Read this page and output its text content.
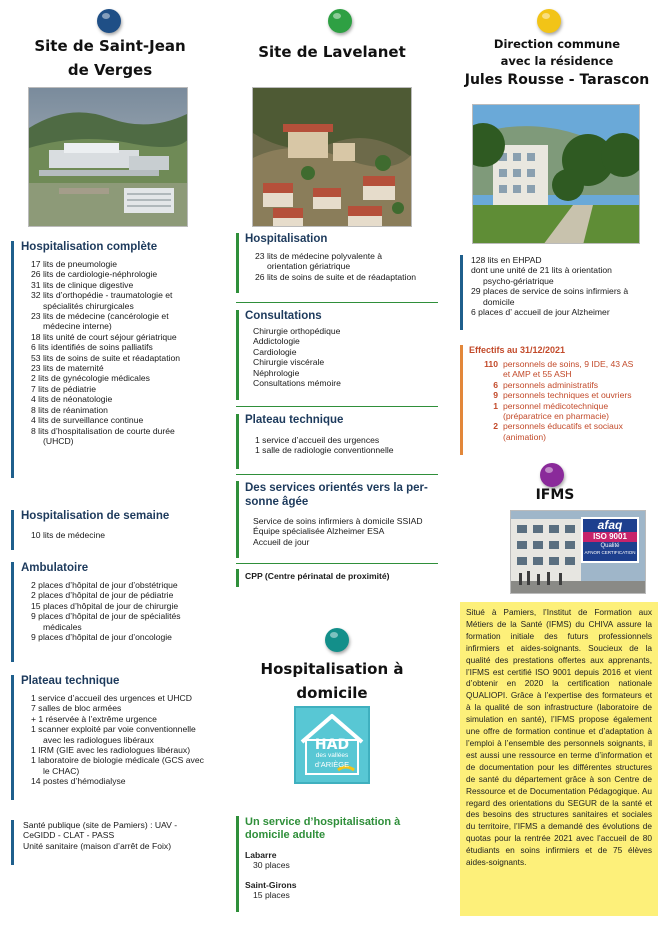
Site de Saint-Jean
de Verges
Hospitalisation complète
17 lits de pneumologie
26 lits de cardiologie-néphrologie
31 lits de clinique digestive
32 lits d’orthopédie - traumatologie et
spécialités chirurgicales
23 lits de médecine (cancérologie et
médecine interne)
18 lits unité de court séjour gériatrique
6 lits identifiés de soins palliatifs
53 lits de soins de suite et réadaptation
23 lits de maternité
2 lits de gynécologie médicales
7 lits de pédiatrie
4 lits de néonatologie
8 lits de réanimation
4 lits de surveillance continue
8 lits d’hospitalisation de courte durée
(UHCD)
Hospitalisation de semaine
10 lits de médecine
Ambulatoire
2 places d’hôpital de jour d’obstétrique
2 places d’hôpital de jour de pédiatrie
15 places d’hôpital de jour de chirurgie
9 places d’hôpital de jour de spécialités
médicales
9 places d’hôpital de jour d’oncologie
Plateau technique
1 service d’accueil des urgences et UHCD
7 salles de bloc armées
+ 1 réservée à l’extrême urgence
1 scanner exploité par voie conventionnelle
avec les radiologues libéraux
1 IRM (GIE avec les radiologues libéraux)
1 laboratoire de biologie médicale (GCS avec
le CHAC)
14 postes d’hémodialyse
Santé publique (site de Pamiers) : UAV -
CeGIDD - CLAT - PASS
Unité sanitaire (maison d’arrêt de Foix)
Site de Lavelanet
Hospitalisation
23 lits de médecine polyvalente à
orientation gériatrique
26 lits de soins de suite et de réadaptation
Consultations
Chirurgie orthopédique
Addictologie
Cardiologie
Chirurgie viscérale
Néphrologie
Consultations mémoire
Plateau technique
1 service d’accueil des urgences
1 salle de radiologie conventionnelle
Des services orientés vers la per-
sonne âgée
Service de soins infirmiers à domicile SSIAD
Équipe spécialisée Alzheimer ESA
Accueil de jour
CPP (Centre périnatal de proximité)
Hospitalisation à
domicile
HAD
des vallées
d’ARIÈGE
Un service d’hospitalisation à
domicile adulte
Labarre
30 places
Saint-Girons
15 places
Direction commune
avec la résidence
Jules Rousse - Tarascon
128 lits en EHPAD
dont une unité de 21 lits à orientation
psycho-gériatrique
29 places de service de soins infirmiers à
domicile
6 places d’ accueil de jour Alzheimer
Effectifs au 31/12/2021
110 personnels de soins, 9 IDE, 43 AS
et AMP et 55 ASH
6 personnels administratifs
9 personnels techniques et ouvriers
1 personnel médicotechnique
(préparatrice en pharmacie)
2 personnels éducatifs et sociaux
(animation)
IFMS
afaq
ISO 9001
Qualité
AFNOR CERTIFICATION
Situé à Pamiers, l’Institut de Formation aux Métiers de la Santé (IFMS) du CHIVA assure la formation initiale des futurs professionnels infirmiers et aides-soignants. Soucieux de la qualité des prestations offertes aux apprenants, l’IFMS est certifié ISO 9001 depuis 2016 et vient d’obtenir en 2020 la certification nationale QUALIOPI. Grâce à l’expertise des formateurs et à la qualité de son infrastructure (laboratoire de simulation en santé), l’IFMS propose également une offre de formation continue et d’adaptation à l’emploi à l’ensemble des personnels soignants, il est aussi une ressource en terme d’information et de documentation pour les différentes structures de santé du département grâce à son Centre de Ressource et de Documentation Pédagogique. Au regard des orientations du SEGUR de la santé et des besoins des structures sanitaires et sociales du territoire, l’IFMS a demandé des évolutions de quotas pour la rentrée 2021 avec l’accueil de 80 étudiants en soins infirmiers et de 75 élèves aides-soignants.
